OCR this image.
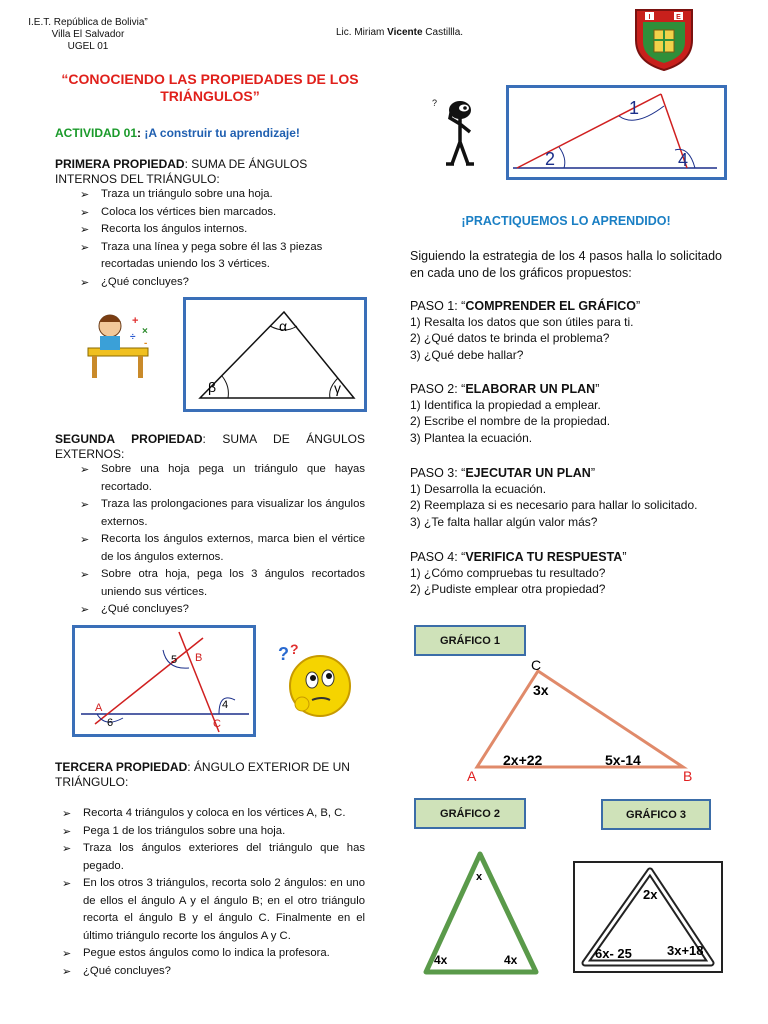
I.E.T. República de Bolivia”
Villa El Salvador
UGEL 01
Lic. Miriam Vicente Castillla.
I	E
“CONOCIENDO LAS PROPIEDADES DE LOS
TRIÁNGULOS”
ACTIVIDAD 01: ¡A construir tu aprendizaje!
PRIMERA PROPIEDAD: SUMA DE ÁNGULOS INTERNOS DEL TRIÁNGULO:
➢ Traza un triángulo sobre una hoja.
➢ Coloca los vértices bien marcados.
➢ Recorta los ángulos internos.
➢ Traza una línea y pega sobre él las 3 piezas recortadas uniendo los 3 vértices.
➢ ¿Qué concluyes?
+
×
÷
-
α
β	γ
SEGUNDA PROPIEDAD: SUMA DE ÁNGULOS EXTERNOS:
➢ Sobre una hoja pega un triángulo que hayas recortado.
➢ Traza las prolongaciones para visualizar los ángulos externos.
➢ Recorta los ángulos externos, marca bien el vértice de los ángulos externos.
➢ Sobre otra hoja, pega los 3 ángulos recortados uniendo sus vértices.
➢ ¿Qué concluyes?
5 B
4
A
6	C
? ?
TERCERA PROPIEDAD: ÁNGULO EXTERIOR DE UN TRIÁNGULO:
➢ Recorta 4 triángulos y coloca en los vértices A, B, C.
➢ Pega 1 de los triángulos sobre una hoja.
➢ Traza los ángulos exteriores del triángulo que has pegado.
➢ En los otros 3 triángulos, recorta solo 2 ángulos: en uno de ellos el ángulo A y el ángulo B; en el otro triángulo recorta el ángulo B y el ángulo C. Finalmente en el último triángulo recorte los ángulos A y C.
➢ Pegue estos ángulos como lo indica la profesora.
➢ ¿Qué concluyes?
?	1
2	4
¡PRACTIQUEMOS LO APRENDIDO!
Siguiendo la estrategia de los 4 pasos halla lo solicitado en cada uno de los gráficos propuestos:
PASO 1: “COMPRENDER EL GRÁFICO”
1) Resalta los datos que son útiles para ti.
2) ¿Qué datos te brinda el problema?
3) ¿Qué debe hallar?
PASO 2: “ELABORAR UN PLAN”
1) Identifica la propiedad a emplear.
2) Escribe el nombre de la propiedad.
3) Plantea la ecuación.
PASO 3: “EJECUTAR UN PLAN”
1) Desarrolla la ecuación.
2) Reemplaza si es necesario para hallar lo solicitado.
3) ¿Te falta hallar algún valor más?
PASO 4: “VERIFICA TU RESPUESTA”
1) ¿Cómo compruebas tu resultado?
2) ¿Pudiste emplear otra propiedad?
GRÁFICO 1
C
3x
2x+22	5x-14
A	B
GRÁFICO 2	GRÁFICO 3
x
4x	4x
2x
6x- 25	3x+18
